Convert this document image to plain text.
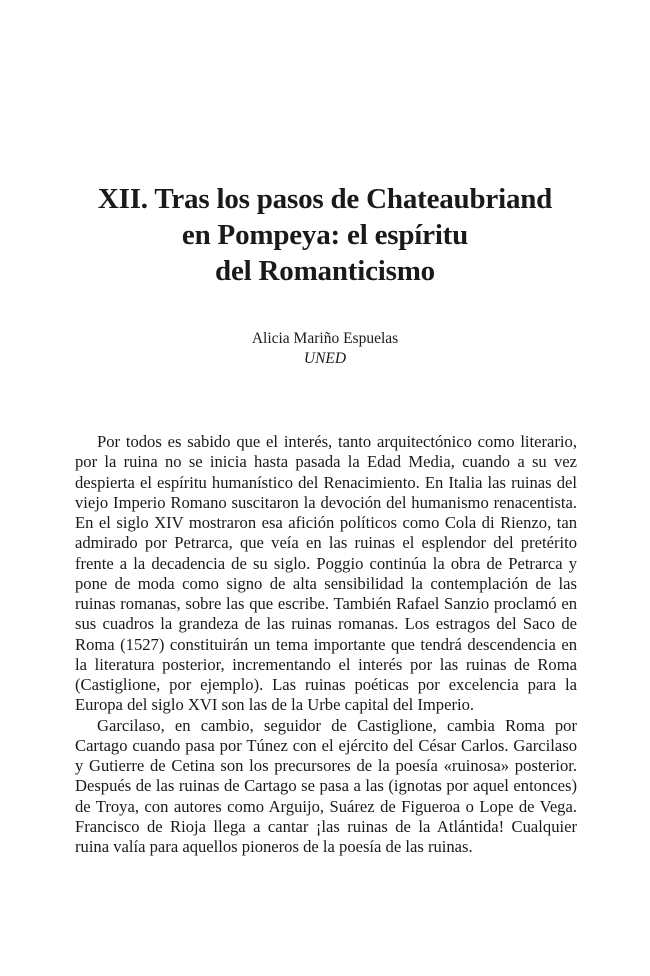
XII. Tras los pasos de Chateaubriand
en Pompeya: el espíritu
del Romanticismo
Alicia Mariño Espuelas
UNED

Por todos es sabido que el interés, tanto arquitectónico como literario, por la ruina no se inicia hasta pasada la Edad Media, cuando a su vez despierta el espíritu humanístico del Renacimiento. En Italia las ruinas del viejo Imperio Romano suscitaron la devoción del humanismo renacentista. En el siglo XIV mostraron esa afición políticos como Cola di Rienzo, tan admirado por Petrarca, que veía en las ruinas el esplendor del pretérito frente a la decadencia de su siglo. Poggio continúa la obra de Petrarca y pone de moda como signo de alta sensibilidad la contemplación de las ruinas romanas, sobre las que escribe. También Rafael Sanzio proclamó en sus cuadros la grandeza de las ruinas romanas. Los estragos del Saco de Roma (1527) constituirán un tema importante que tendrá descendencia en la literatura posterior, incrementando el interés por las ruinas de Roma (Castiglione, por ejemplo). Las ruinas poéticas por excelencia para la Europa del siglo XVI son las de la Urbe capital del Imperio.

Garcilaso, en cambio, seguidor de Castiglione, cambia Roma por Cartago cuando pasa por Túnez con el ejército del César Carlos. Garcilaso y Gutierre de Cetina son los precursores de la poesía «ruinosa» posterior. Después de las ruinas de Cartago se pasa a las (ignotas por aquel entonces) de Troya, con autores como Arguijo, Suárez de Figueroa o Lope de Vega. Francisco de Rioja llega a cantar ¡las ruinas de la Atlántida! Cualquier ruina valía para aquellos pioneros de la poesía de las ruinas.
